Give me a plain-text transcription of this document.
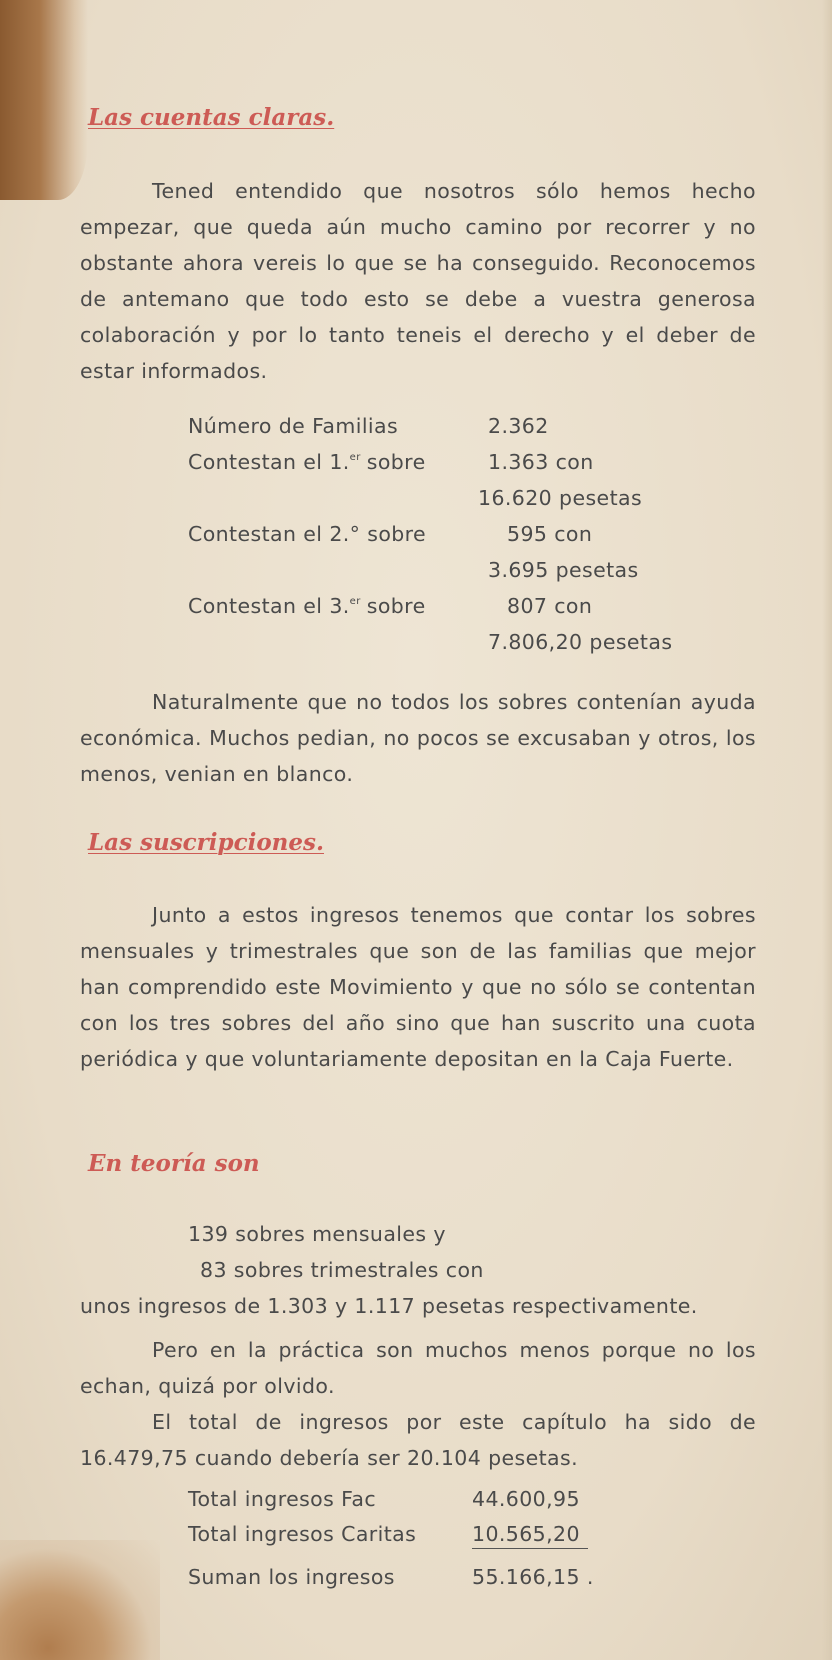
Las cuentas claras.
Tened entendido que nosotros sólo hemos hecho empezar, que queda aún mucho camino por recorrer y no obstante ahora vereis lo que se ha conseguido. Reconocemos de antemano que todo esto se debe a vuestra generosa colaboración y por lo tanto teneis el derecho y el deber de estar informados.
Número de Familias	2.362
Contestan el 1.$^{er}$ sobre	1.363 con
16.620 pesetas
Contestan el 2.° sobre	595 con
3.695 pesetas
Contestan el 3.$^{er}$ sobre	807 con
7.806,20 pesetas
Naturalmente que no todos los sobres contenían ayuda económica. Muchos pedian, no pocos se excusaban y otros, los menos, venian en blanco.
Las suscripciones.
Junto a estos ingresos tenemos que contar los sobres mensuales y trimestrales que son de las familias que mejor han comprendido este Movimiento y que no sólo se contentan con los tres sobres del año sino que han suscrito una cuota periódica y que voluntariamente depositan en la Caja Fuerte.
En teoría son
139 sobres mensuales y
83 sobres trimestrales con
unos ingresos de 1.303 y 1.117 pesetas respectivamente.
Pero en la práctica son muchos menos porque no los echan, quizá por olvido.
El total de ingresos por este capítulo ha sido de 16.479,75 cuando debería ser 20.104 pesetas.
Total ingresos Fac	44.600,95
Total ingresos Caritas	10.565,20
Suman los ingresos	55.166,15 .
